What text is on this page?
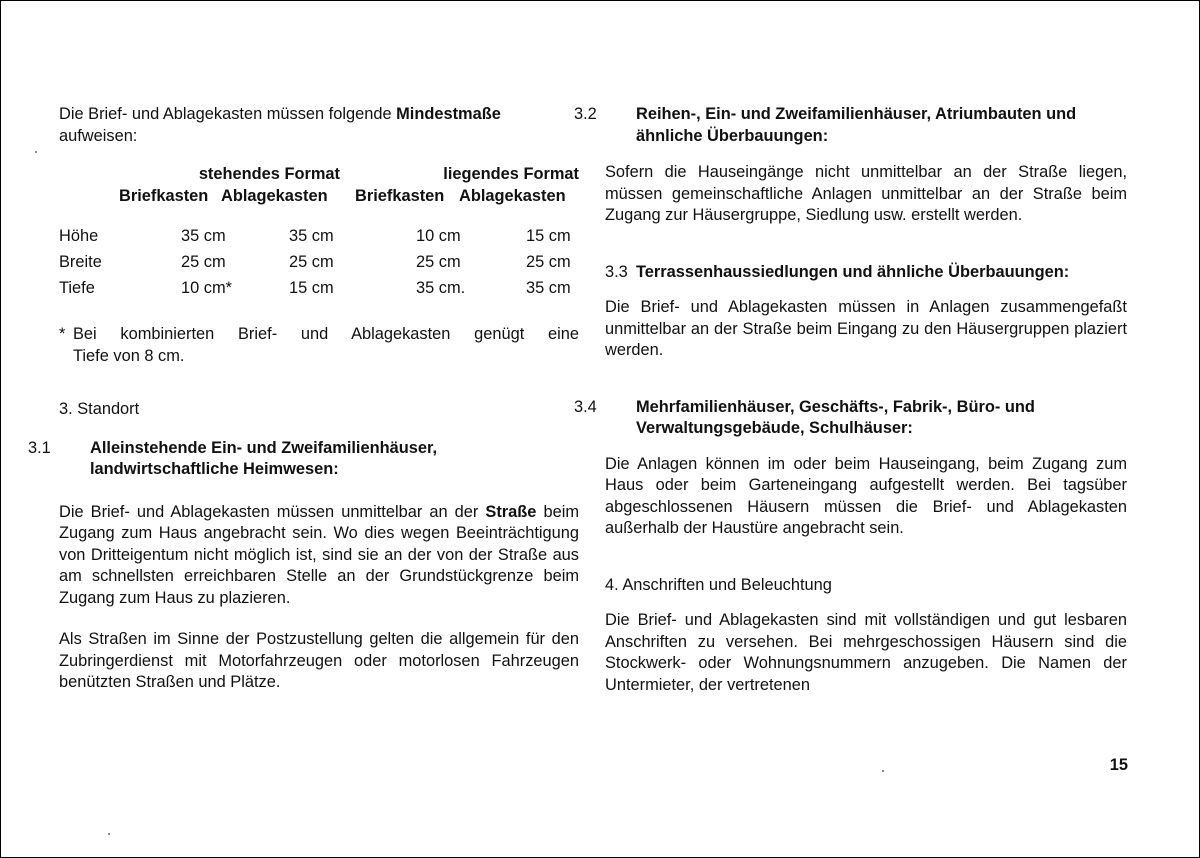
Die Brief- und Ablagekasten müssen folgende Mindestmaße aufweisen:

stehendes Format	liegendes Format
Briefkasten Ablagekasten Briefkasten Ablagekasten
Höhe	35 cm	35 cm	10 cm	15 cm
Breite	25 cm	25 cm	25 cm	25 cm
Tiefe	10 cm*	15 cm	35 cm.	35 cm
* Bei kombinierten Brief- und Ablagekasten genügt eine
Tiefe von 8 cm.

3. Standort

3.1 Alleinstehende Ein- und Zweifamilienhäuser, landwirtschaftliche Heimwesen:

Die Brief- und Ablagekasten müssen unmittelbar an der Straße beim Zugang zum Haus angebracht sein. Wo dies wegen Beeinträchtigung von Dritteigentum nicht möglich ist, sind sie an der von der Straße aus am schnellsten erreichbaren Stelle an der Grundstückgrenze beim Zugang zum Haus zu plazieren.

Als Straßen im Sinne der Postzustellung gelten die allgemein für den Zubringerdienst mit Motorfahrzeugen oder motorlosen Fahrzeugen benützten Straßen und Plätze.

3.2 Reihen-, Ein- und Zweifamilienhäuser, Atriumbauten und ähnliche Überbauungen:

Sofern die Hauseingänge nicht unmittelbar an der Straße liegen, müssen gemeinschaftliche Anlagen unmittelbar an der Straße beim Zugang zur Häusergruppe, Siedlung usw. erstellt werden.

3.3 Terrassenhaussiedlungen und ähnliche Überbauungen:

Die Brief- und Ablagekasten müssen in Anlagen zusammengefaßt unmittelbar an der Straße beim Eingang zu den Häusergruppen plaziert werden.

3.4 Mehrfamilienhäuser, Geschäfts-, Fabrik-, Büro- und Verwaltungsgebäude, Schulhäuser:

Die Anlagen können im oder beim Hauseingang, beim Zugang zum Haus oder beim Garteneingang aufgestellt werden. Bei tagsüber abgeschlossenen Häusern müssen die Brief- und Ablagekasten außerhalb der Haustüre angebracht sein.

4. Anschriften und Beleuchtung

Die Brief- und Ablagekasten sind mit vollständigen und gut lesbaren Anschriften zu versehen. Bei mehrgeschossigen Häusern sind die Stockwerk- oder Wohnungsnummern anzugeben. Die Namen der Untermieter, der vertretenen

15
